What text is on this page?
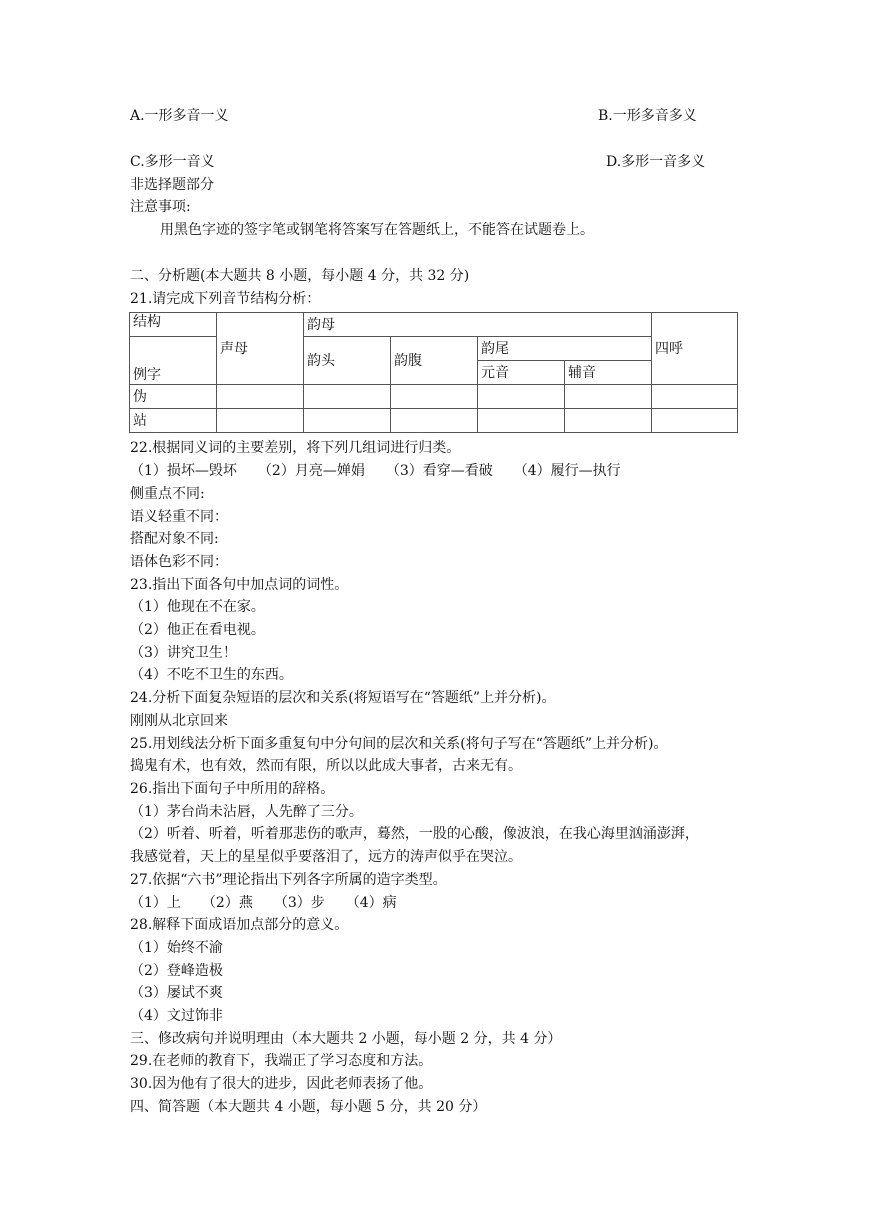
A.一形多音一义	B.一形多音多义
C.多形一音义	D.多形一音多义
非选择题部分
注意事项:
用黑色字迹的签字笔或钢笔将答案写在答题纸上，不能答在试题卷上。
二、分析题(本大题共 8 小题，每小题 4 分，共 32 分)
21.请完成下列音节结构分析：
结构	声母	韵母				四呼
例字		韵头	韵腹	韵尾		
				元音	辅音	
伪						
站						
22.根据同义词的主要差别，将下列几组词进行归类。
（1）损坏—毁坏　　（2）月亮—婵娟　　（3）看穿—看破　　（4）履行—执行
侧重点不同:
语义轻重不同：
搭配对象不同:
语体色彩不同：
23.指出下面各句中加点词的词性。
（1）他现在不在家。
（2）他正在看电视。
（3）讲究卫生！
（4）不吃不卫生的东西。
24.分析下面复杂短语的层次和关系(将短语写在“答题纸”上并分析)。
刚刚从北京回来
25.用划线法分析下面多重复句中分句间的层次和关系(将句子写在“答题纸”上并分析)。
捣鬼有术，也有效，然而有限，所以以此成大事者，古来无有。
26.指出下面句子中所用的辞格。
（1）茅台尚未沾唇，人先醉了三分。
（2）听着、听着，听着那悲伤的歌声，蓦然，一股的心酸，像波浪，在我心海里汹涌澎湃，
我感觉着，天上的星星似乎要落泪了，远方的涛声似乎在哭泣。
27.依据“六书”理论指出下列各字所属的造字类型。
（1）上　　（2）燕　　（3）步　　（4）病
28.解释下面成语加点部分的意义。
（1）始终不渝
（2）登峰造极
（3）屡试不爽
（4）文过饰非
三、修改病句并说明理由（本大题共 2 小题，每小题 2 分，共 4 分）
29.在老师的教育下，我端正了学习态度和方法。
30.因为他有了很大的进步，因此老师表扬了他。
四、简答题（本大题共 4 小题，每小题 5 分，共 20 分）
